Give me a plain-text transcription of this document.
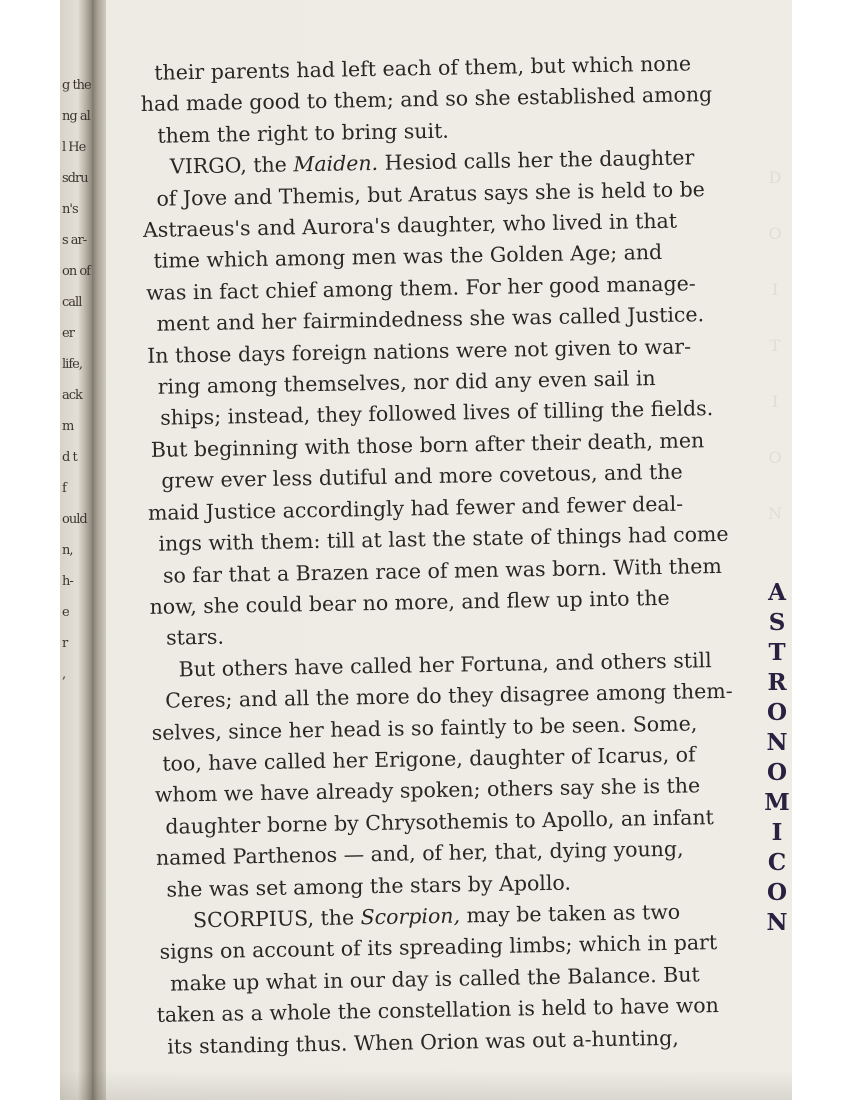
g the
ng al
l He
sdru
n's
s ar-
on of
call
er
life,
ack
m
d t
f
ould
n,
h-
e
r
,
D
O
I
T
I
O
N
their parents had left each of them, but which none
had made good to them; and so she established among
them the right to bring suit.
VIRGO, the Maiden. Hesiod calls her the daughter
of Jove and Themis, but Aratus says she is held to be
Astraeus's and Aurora's daughter, who lived in that
time which among men was the Golden Age; and
was in fact chief among them. For her good manage-
ment and her fairmindedness she was called Justice.
In those days foreign nations were not given to war-
ring among themselves, nor did any even sail in
ships; instead, they followed lives of tilling the fields.
But beginning with those born after their death, men
grew ever less dutiful and more covetous, and the
maid Justice accordingly had fewer and fewer deal-
ings with them: till at last the state of things had come
so far that a Brazen race of men was born. With them
now, she could bear no more, and flew up into the
stars.
But others have called her Fortuna, and others still
Ceres; and all the more do they disagree among them-
selves, since her head is so faintly to be seen. Some,
too, have called her Erigone, daughter of Icarus, of
whom we have already spoken; others say she is the
daughter borne by Chrysothemis to Apollo, an infant
named Parthenos — and, of her, that, dying young,
she was set among the stars by Apollo.
SCORPIUS, the Scorpion, may be taken as two
signs on account of its spreading limbs; which in part
make up what in our day is called the Balance. But
taken as a whole the constellation is held to have won
its standing thus. When Orion was out a-hunting,
A
S
T
R
O
N
O
M
I
C
O
N
